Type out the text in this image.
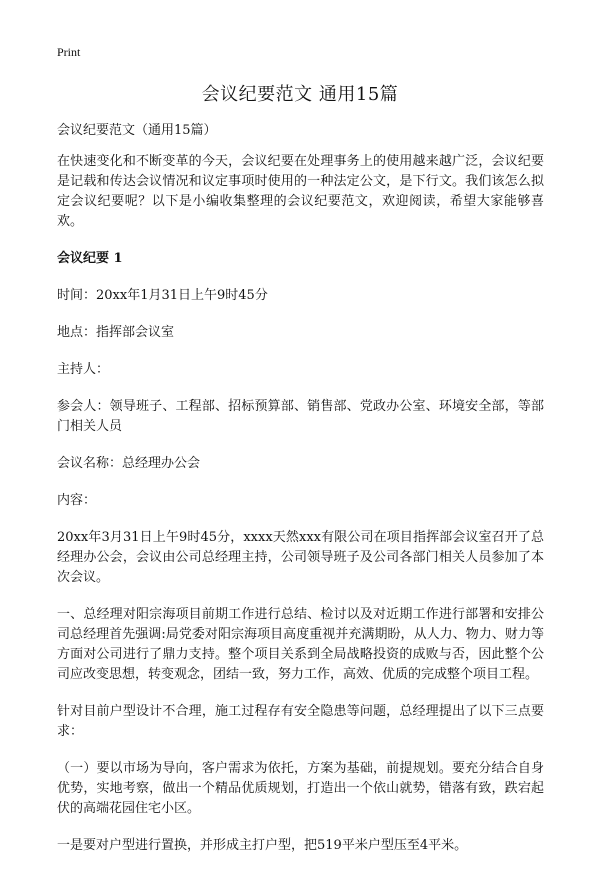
Print
会议纪要范文 通用15篇

会议纪要范文（通用15篇）

在快速变化和不断变革的今天，会议纪要在处理事务上的使用越来越广泛，会议纪要是记载和传达会议情况和议定事项时使用的一种法定公文，是下行文。我们该怎么拟定会议纪要呢？以下是小编收集整理的会议纪要范文，欢迎阅读，希望大家能够喜欢。

会议纪要 1

时间：20xx年1月31日上午9时45分

地点：指挥部会议室

主持人：

参会人：领导班子、工程部、招标预算部、销售部、党政办公室、环境安全部，等部门相关人员

会议名称：总经理办公会

内容：

20xx年3月31日上午9时45分，xxxx天然xxx有限公司在项目指挥部会议室召开了总经理办公会，会议由公司总经理主持，公司领导班子及公司各部门相关人员参加了本次会议。

一、总经理对阳宗海项目前期工作进行总结、检讨以及对近期工作进行部署和安排公司总经理首先强调:局党委对阳宗海项目高度重视并充满期盼，从人力、物力、财力等方面对公司进行了鼎力支持。整个项目关系到全局战略投资的成败与否，因此整个公司应改变思想，转变观念，团结一致，努力工作，高效、优质的完成整个项目工程。

针对目前户型设计不合理，施工过程存有安全隐患等问题，总经理提出了以下三点要求：

（一）要以市场为导向，客户需求为依托，方案为基础，前提规划。要充分结合自身优势，实地考察，做出一个精品优质规划，打造出一个依山就势，错落有致，跌宕起伏的高端花园住宅小区。

一是要对户型进行置换，并形成主打户型，把519平米户型压至4平米。
